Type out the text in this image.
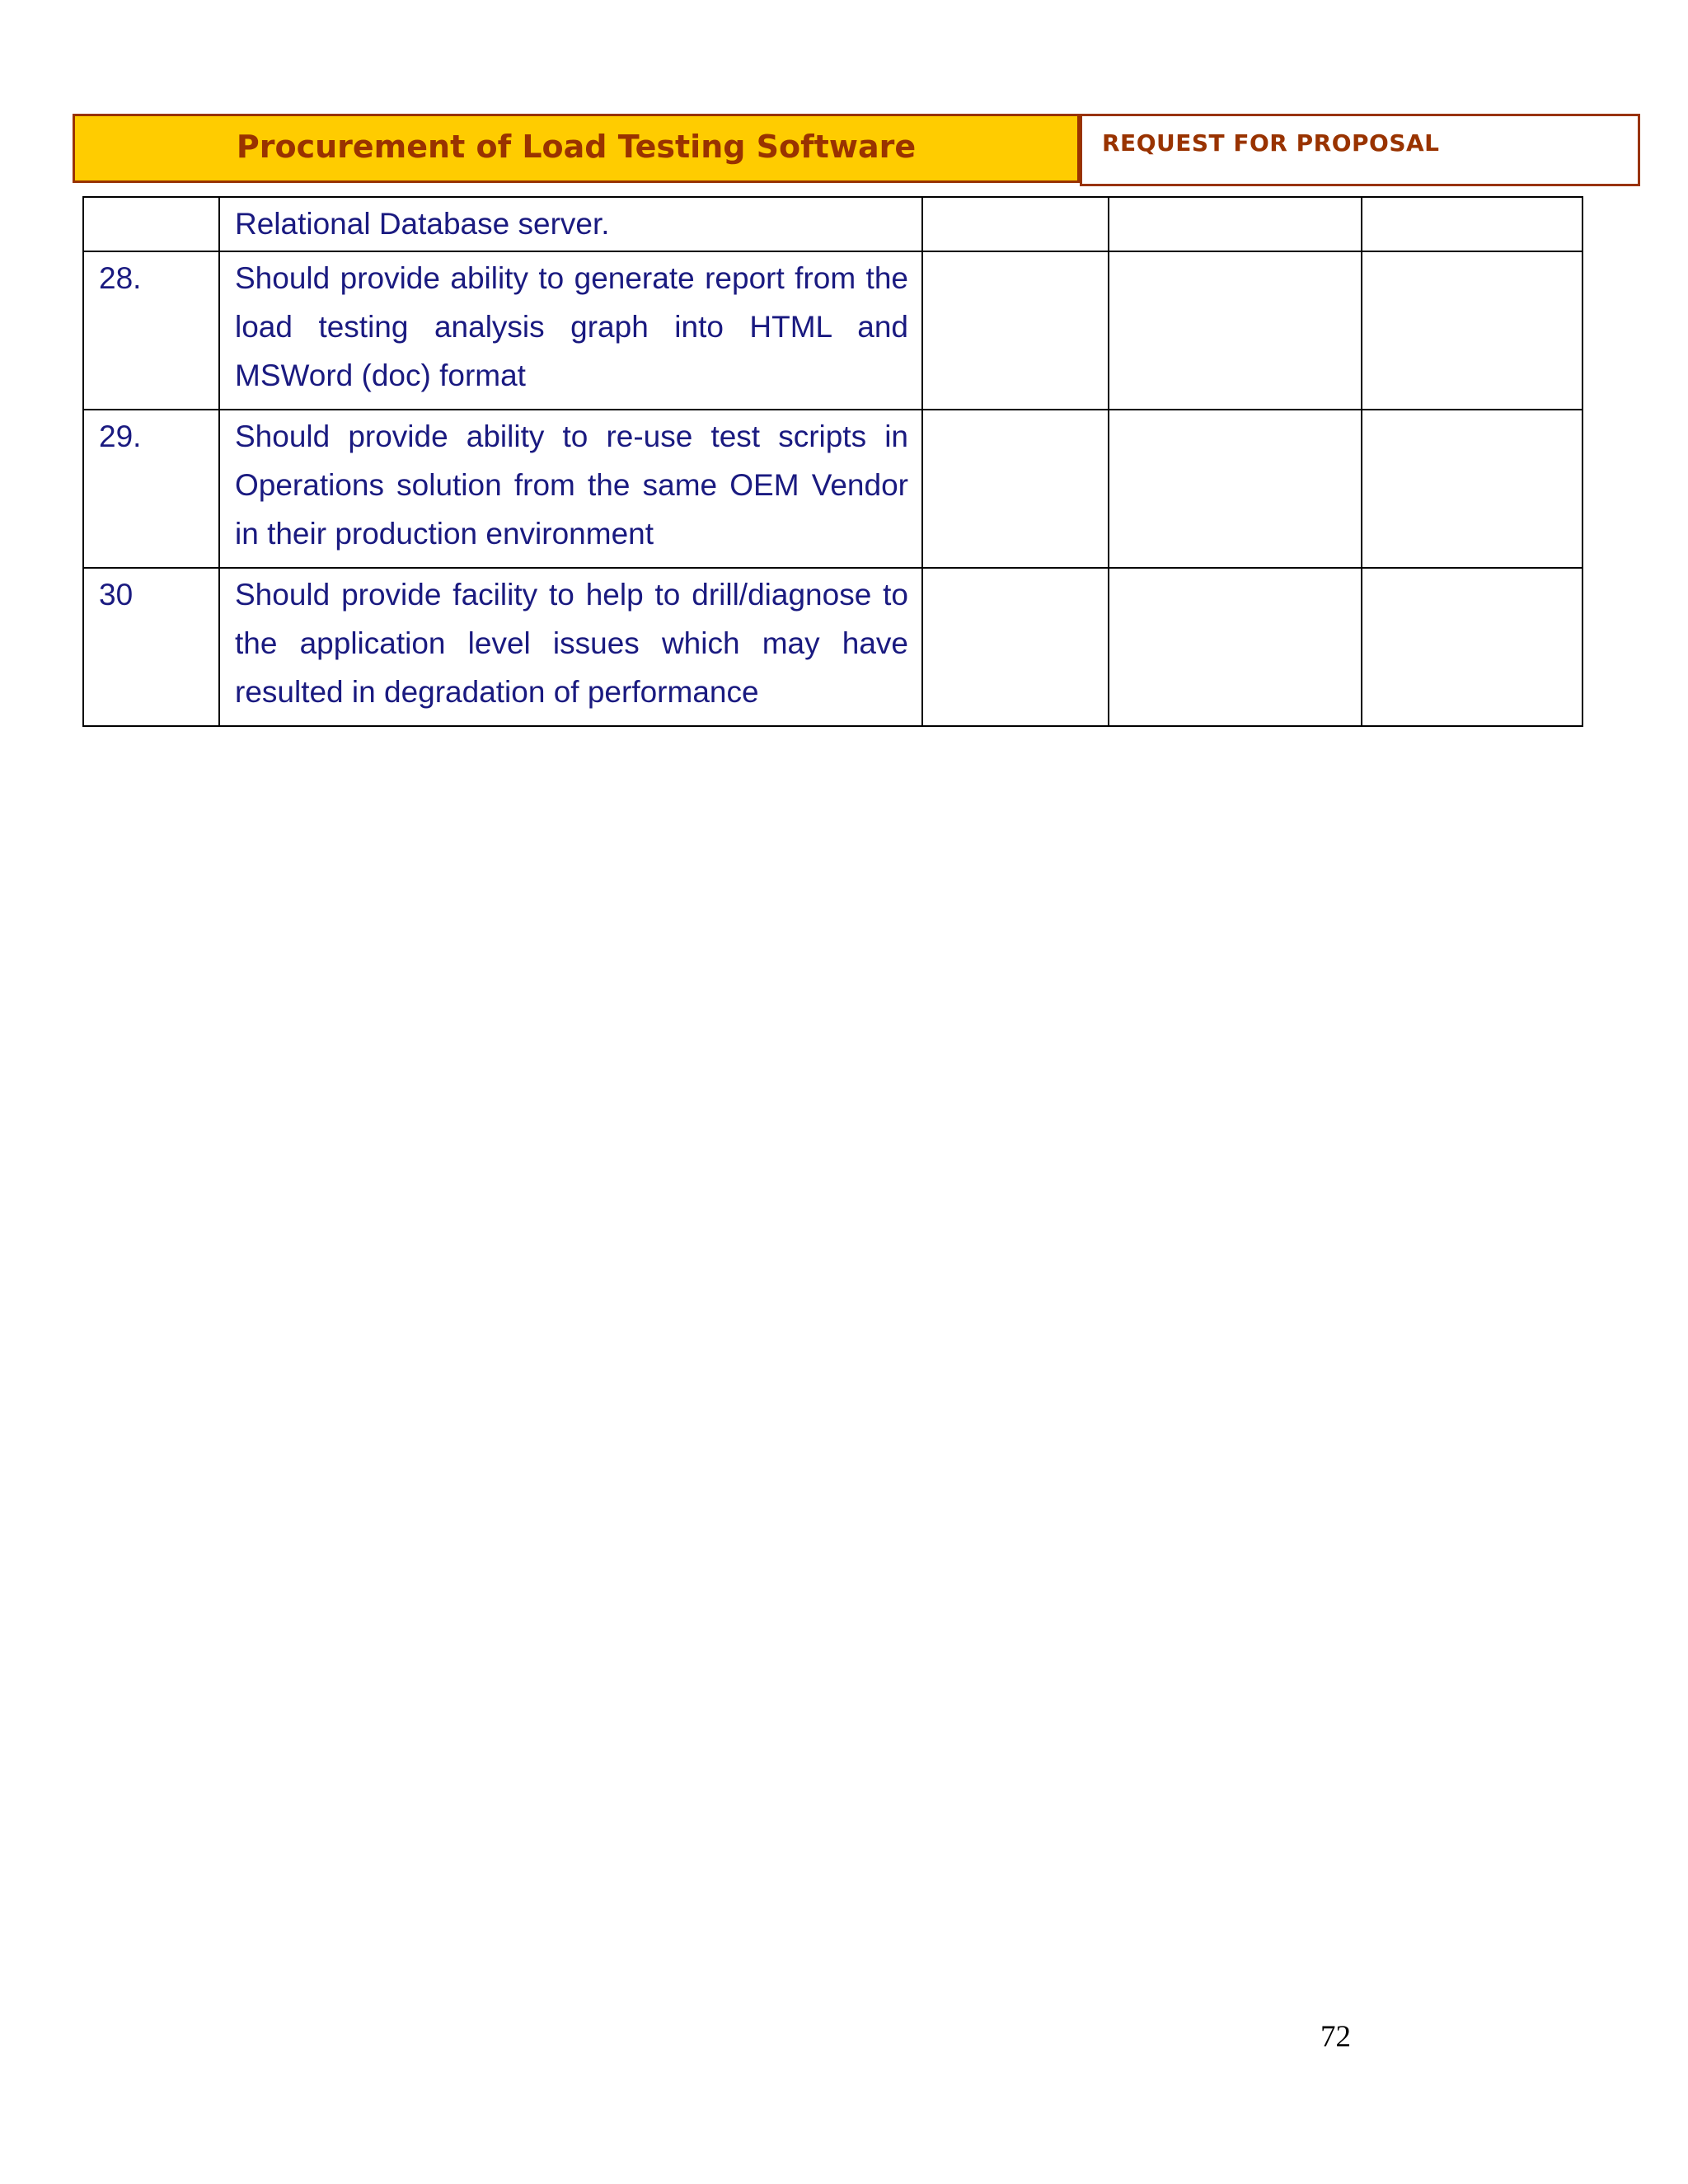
Procurement of Load Testing Software	REQUEST FOR PROPOSAL
	Relational Database server.			
28.	Should provide ability to generate report from the load testing analysis graph into HTML and MSWord (doc) format			
29.	Should provide ability to re-use test scripts in Operations solution from the same OEM Vendor in their production environment			
30	Should provide facility to help to drill/diagnose to the application level issues which may have resulted in degradation of performance			
72
